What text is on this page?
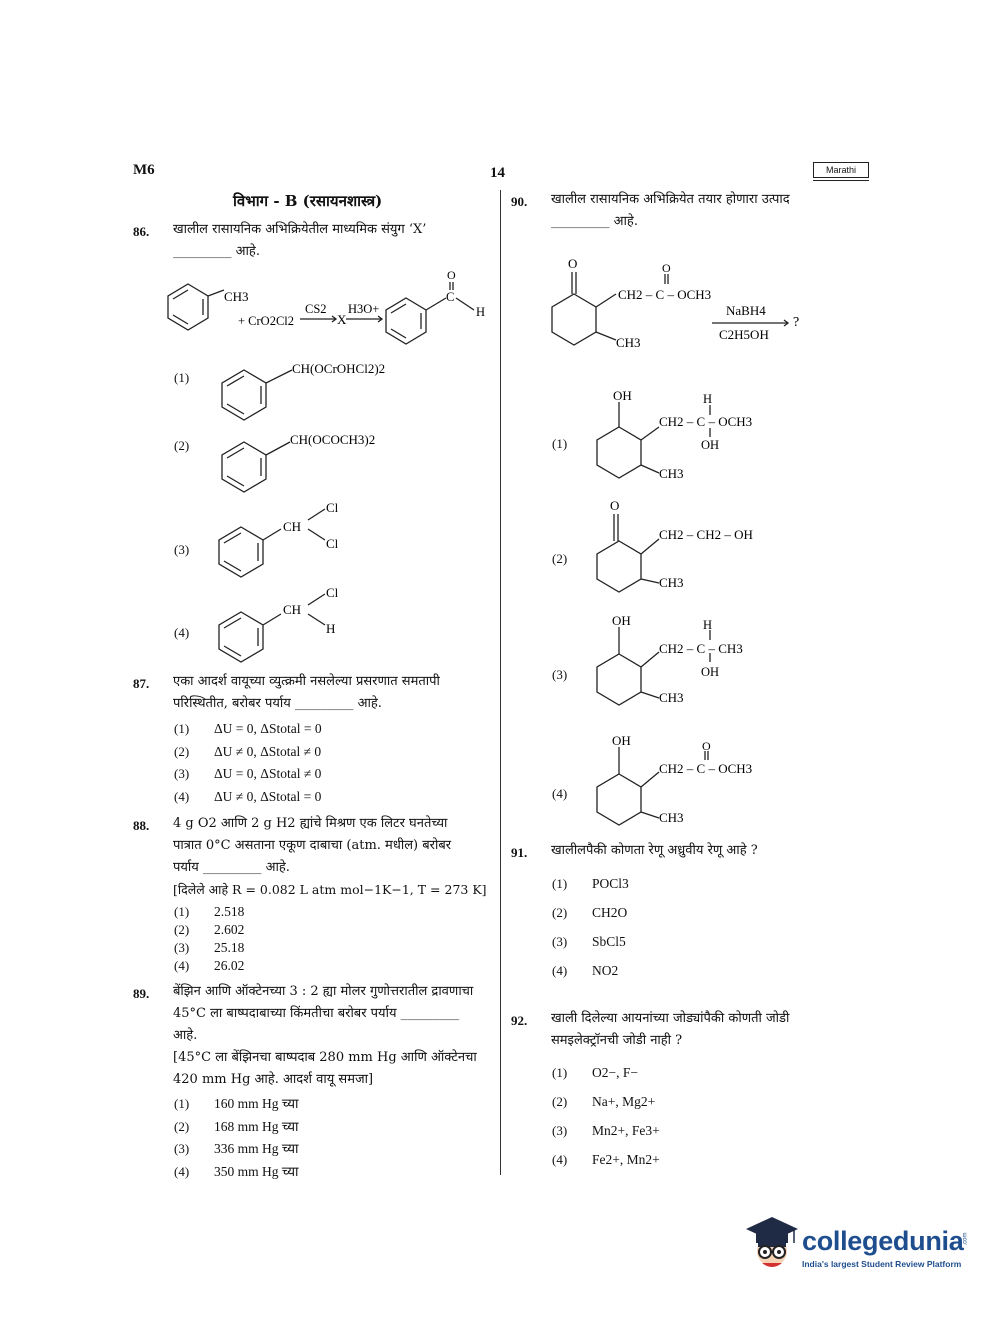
M6	14	Marathi
विभाग - B (रसायनशास्त्र)
86. खालील रासायनिक अभिक्रियेतील माध्यमिक संयुग ‘X’
_________ आहे.
CH3
+ CrO2Cl2
CS2
X
H3O+
O
C
H
(1)
CH(OCrOHCl2)2
(2)	CH(OCOCH3)2
(3)
CH
Cl
Cl
(4)
CH
Cl
H
87. एका आदर्श वायूच्या व्युत्क्रमी नसलेल्या प्रसरणात समतापी
परिस्थितीत, बरोबर पर्याय _________ आहे.
(1) ΔU = 0, ΔStotal = 0
(2) ΔU ≠ 0, ΔStotal ≠ 0
(3) ΔU = 0, ΔStotal ≠ 0
(4) ΔU ≠ 0, ΔStotal = 0
88. 4 g O2 आणि 2 g H2 ह्यांचे मिश्रण एक लिटर घनतेच्या
पात्रात 0°C असताना एकूण दाबाचा (atm. मधील) बरोबर
पर्याय _________ आहे.
[दिलेले आहे R = 0.082 L atm mol−1K−1, T = 273 K]
(1) 2.518
(2) 2.602
(3) 25.18
(4) 26.02
89. बेंझिन आणि ऑक्टेनच्या 3 : 2 ह्या मोलर गुणोत्तरातील द्रावणाचा
45°C ला बाष्पदाबाच्या किंमतीचा बरोबर पर्याय _________
आहे.
[45°C ला बेंझिनचा बाष्पदाब 280 mm Hg आणि ऑक्टेनचा
420 mm Hg आहे. आदर्श वायू समजा]
(1) 160 mm Hg च्या
(2) 168 mm Hg च्या
(3) 336 mm Hg च्या
(4) 350 mm Hg च्या
90. खालील रासायनिक अभिक्रियेत तयार होणारा उत्पाद
_________ आहे.
O	O
CH2 – C – OCH3
CH3
NaBH4
C2H5OH
?
(1)
OH	H
CH2 – C – OCH3
OH
CH3
(2)
O
CH2 – CH2 – OH
CH3
(3)
OH	H
CH2 – C – CH3
OH
CH3
(4)
OH	O
CH2 – C – OCH3
CH3
91. खालीलपैकी कोणता रेणू अध्रुवीय रेणू आहे ?
(1) POCl3
(2) CH2O
(3) SbCl5
(4) NO2
92. खाली दिलेल्या आयनांच्या जोड्यांपैकी कोणती जोडी
समइलेक्ट्रॉनची जोडी नाही ?
(1) O2−, F−
(2) Na+, Mg2+
(3) Mn2+, Fe3+
(4) Fe2+, Mn2+
collegedunia .com
India's largest Student Review Platform
